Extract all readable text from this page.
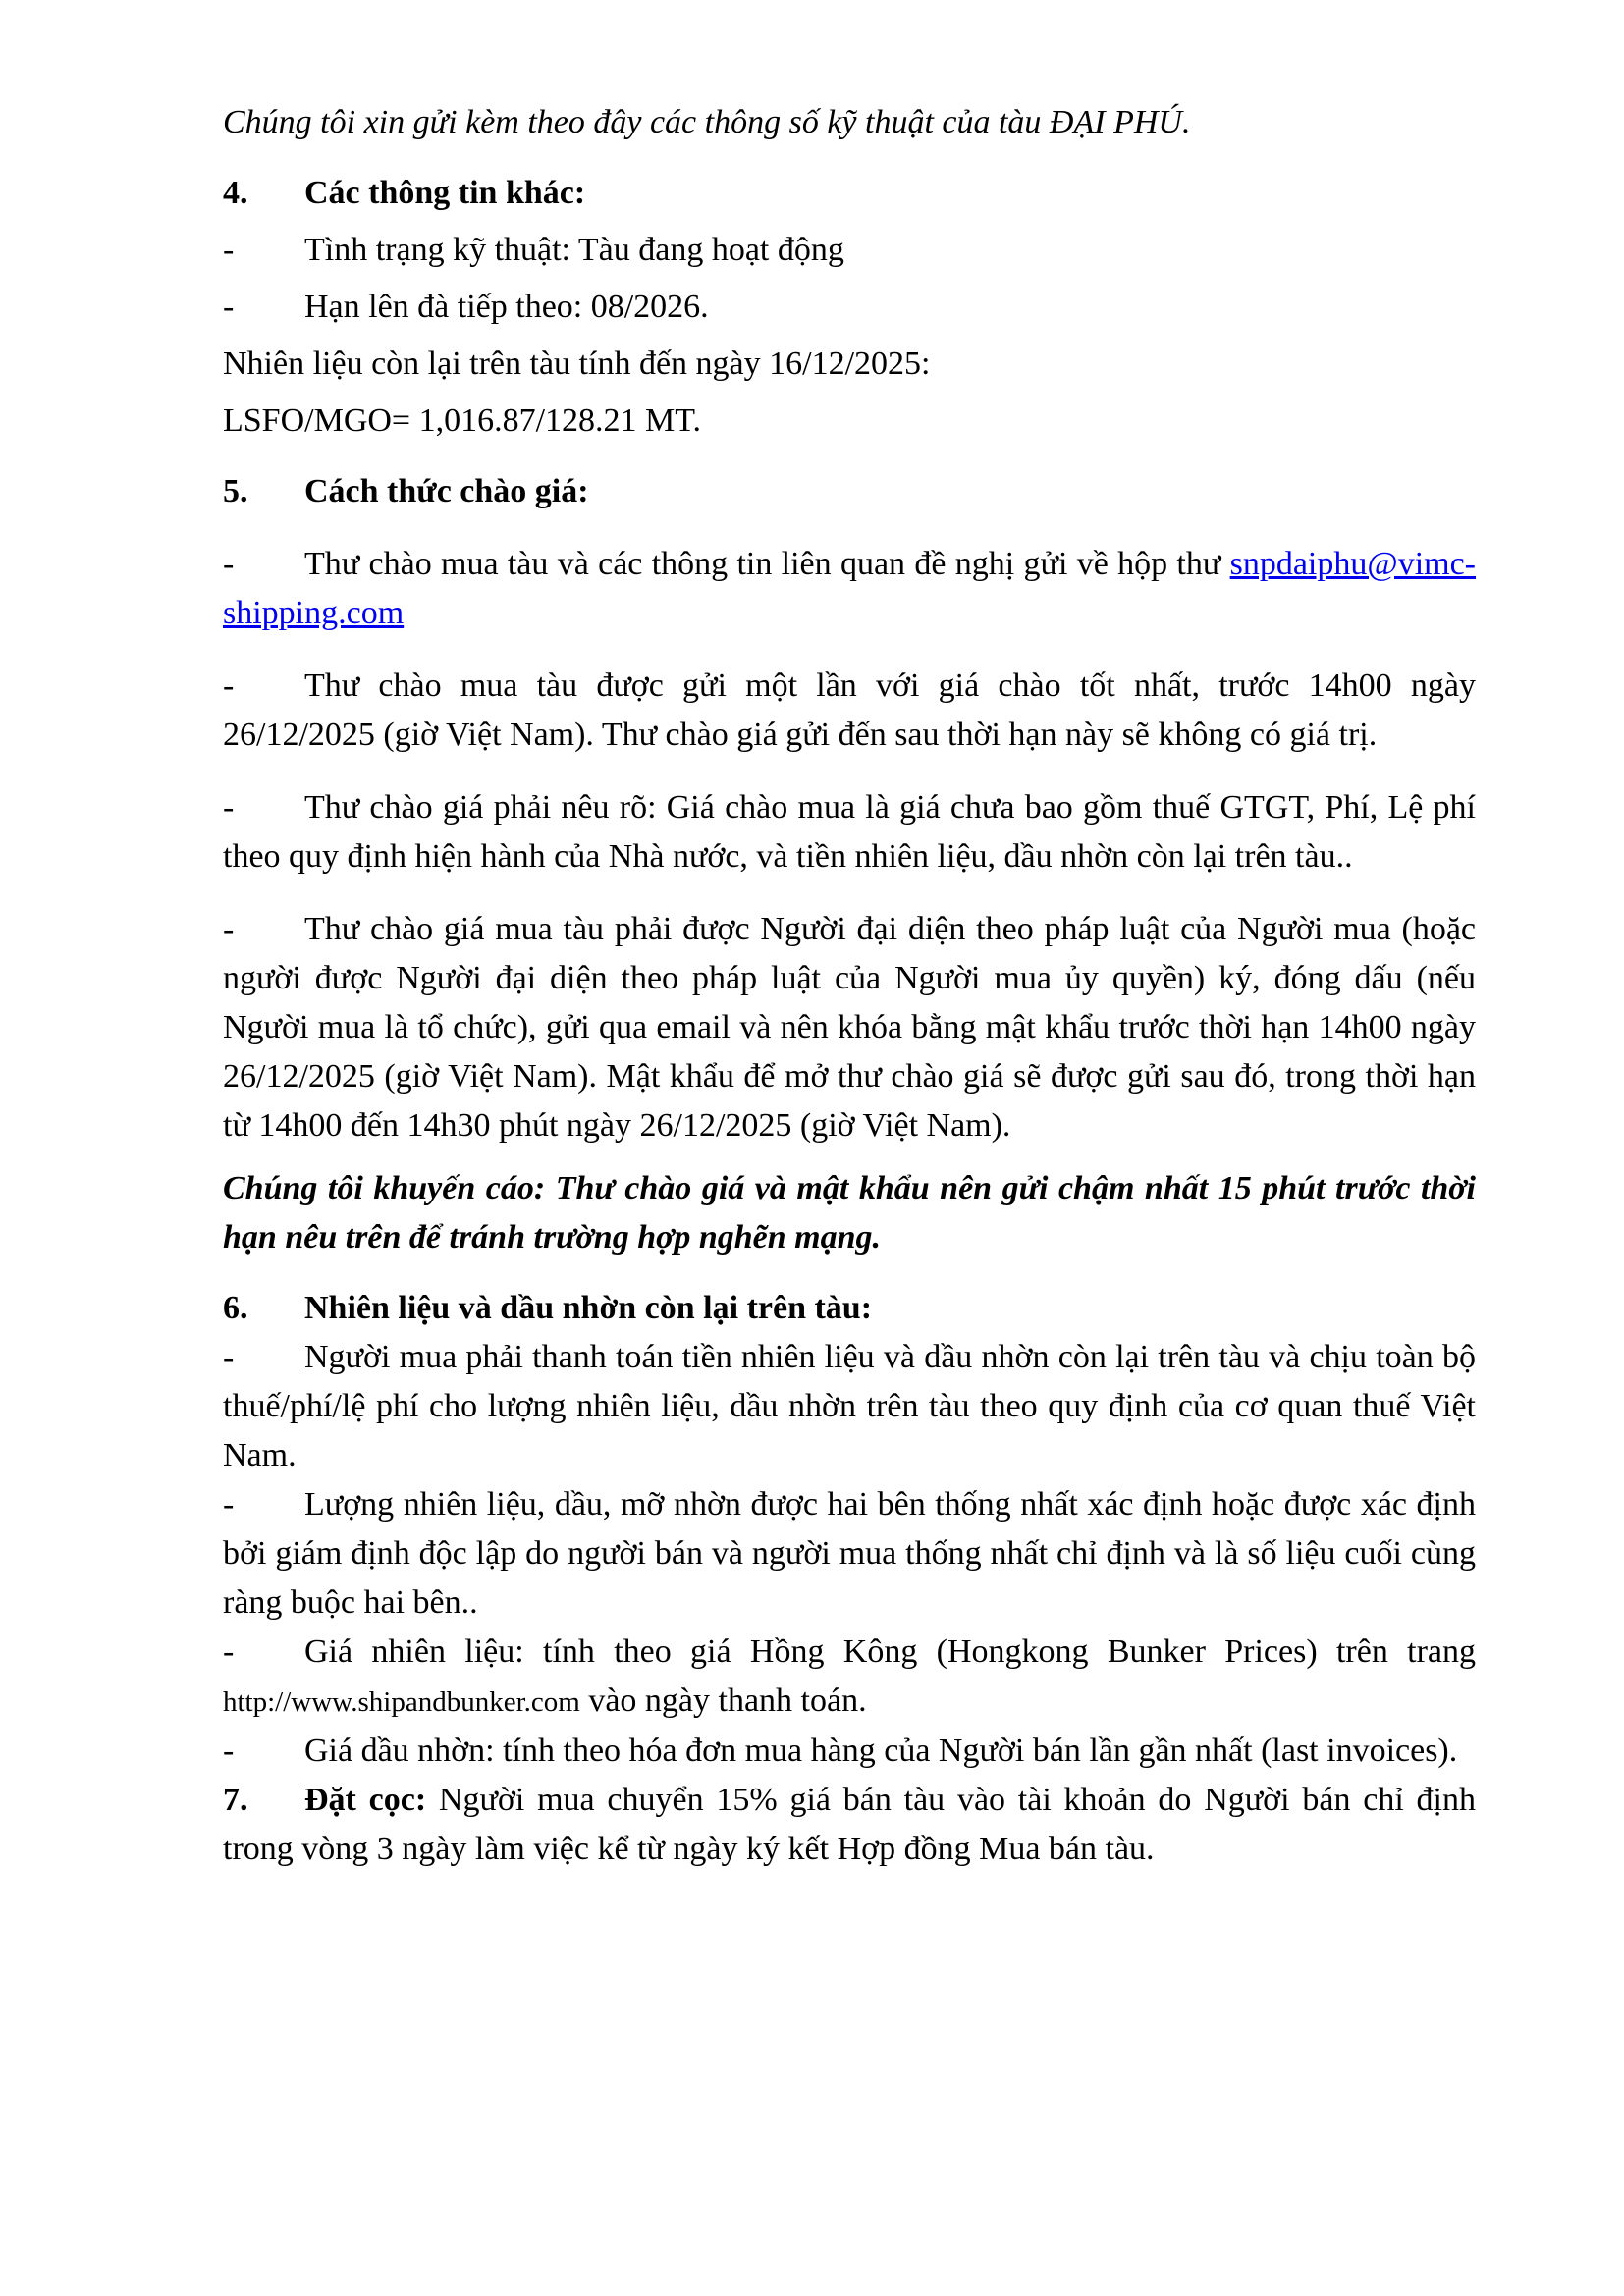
Chúng tôi xin gửi kèm theo đây các thông số kỹ thuật của tàu ĐẠI PHÚ.

4. Các thông tin khác:

- Tình trạng kỹ thuật: Tàu đang hoạt động

- Hạn lên đà tiếp theo: 08/2026.

Nhiên liệu còn lại trên tàu tính đến ngày 16/12/2025:

LSFO/MGO= 1,016.87/128.21 MT.

5. Cách thức chào giá:

- Thư chào mua tàu và các thông tin liên quan đề nghị gửi về hộp thư snpdaiphu@vimc-shipping.com

- Thư chào mua tàu được gửi một lần với giá chào tốt nhất, trước 14h00 ngày 26/12/2025 (giờ Việt Nam). Thư chào giá gửi đến sau thời hạn này sẽ không có giá trị.

- Thư chào giá phải nêu rõ: Giá chào mua là giá chưa bao gồm thuế GTGT, Phí, Lệ phí theo quy định hiện hành của Nhà nước, và tiền nhiên liệu, dầu nhờn còn lại trên tàu..

- Thư chào giá mua tàu phải được Người đại diện theo pháp luật của Người mua (hoặc người được Người đại diện theo pháp luật của Người mua ủy quyền) ký, đóng dấu (nếu Người mua là tổ chức), gửi qua email và nên khóa bằng mật khẩu trước thời hạn 14h00 ngày 26/12/2025 (giờ Việt Nam). Mật khẩu để mở thư chào giá sẽ được gửi sau đó, trong thời hạn từ 14h00 đến 14h30 phút ngày 26/12/2025 (giờ Việt Nam).

Chúng tôi khuyến cáo: Thư chào giá và mật khẩu nên gửi chậm nhất 15 phút trước thời hạn nêu trên để tránh trường hợp nghẽn mạng.

6. Nhiên liệu và dầu nhờn còn lại trên tàu:

- Người mua phải thanh toán tiền nhiên liệu và dầu nhờn còn lại trên tàu và chịu toàn bộ thuế/phí/lệ phí cho lượng nhiên liệu, dầu nhờn trên tàu theo quy định của cơ quan thuế Việt Nam.

- Lượng nhiên liệu, dầu, mỡ nhờn được hai bên thống nhất xác định hoặc được xác định bởi giám định độc lập do người bán và người mua thống nhất chỉ định và là số liệu cuối cùng ràng buộc hai bên..

- Giá nhiên liệu: tính theo giá Hồng Kông (Hongkong Bunker Prices) trên trang http://www.shipandbunker.com vào ngày thanh toán.

- Giá dầu nhờn: tính theo hóa đơn mua hàng của Người bán lần gần nhất (last invoices).

7. Đặt cọc: Người mua chuyển 15% giá bán tàu vào tài khoản do Người bán chỉ định trong vòng 3 ngày làm việc kể từ ngày ký kết Hợp đồng Mua bán tàu.
